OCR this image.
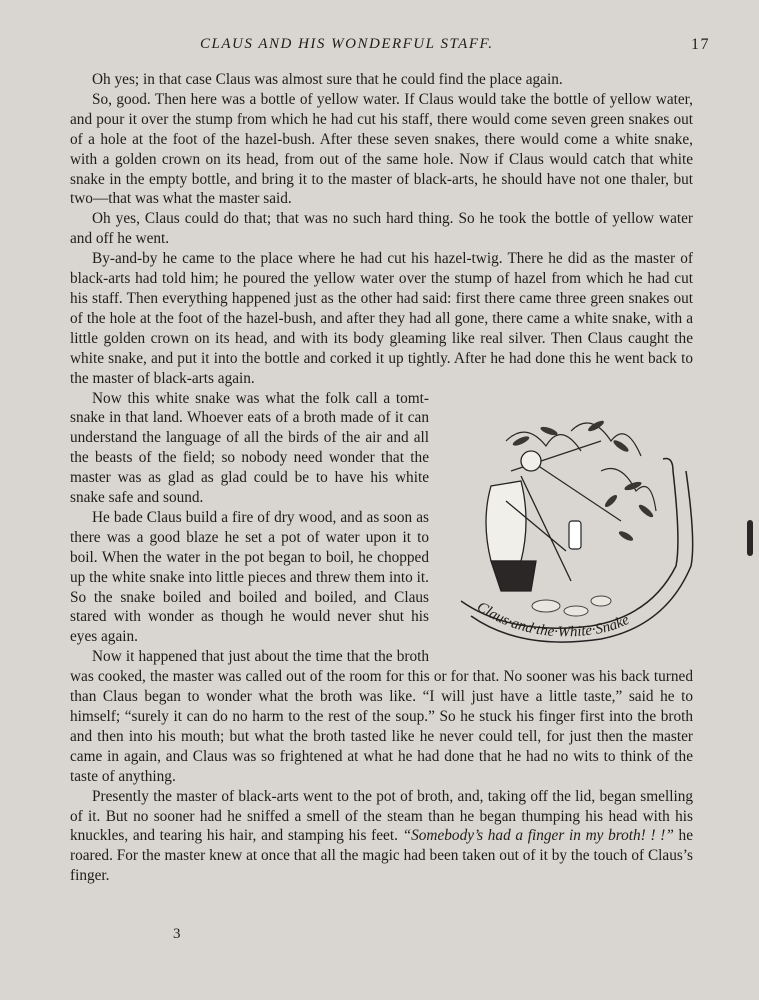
CLAUS AND HIS WONDERFUL STAFF.	17

Oh yes; in that case Claus was almost sure that he could find the place again.

So, good. Then here was a bottle of yellow water. If Claus would take the bottle of yellow water, and pour it over the stump from which he had cut his staff, there would come seven green snakes out of a hole at the foot of the hazel-bush. After these seven snakes, there would come a white snake, with a golden crown on its head, from out of the same hole. Now if Claus would catch that white snake in the empty bottle, and bring it to the master of black-arts, he should have not one thaler, but two—that was what the master said.

Oh yes, Claus could do that; that was no such hard thing. So he took the bottle of yellow water and off he went.

By-and-by he came to the place where he had cut his hazel-twig. There he did as the master of black-arts had told him; he poured the yellow water over the stump of hazel from which he had cut his staff. Then everything happened just as the other had said: first there came three green snakes out of the hole at the foot of the hazel-bush, and after they had all gone, there came a white snake, with a little golden crown on its head, and with its body gleaming like real silver. Then Claus caught the white snake, and put it into the bottle and corked it up tightly. After he had done this he went back to the master of black-arts again.

Claus·and·the·White·Snake

Now this white snake was what the folk call a tomt-snake in that land. Whoever eats of a broth made of it can understand the language of all the birds of the air and all the beasts of the field; so nobody need wonder that the master was as glad as glad could be to have his white snake safe and sound.

He bade Claus build a fire of dry wood, and as soon as there was a good blaze he set a pot of water upon it to boil. When the water in the pot began to boil, he chopped up the white snake into little pieces and threw them into it. So the snake boiled and boiled and boiled, and Claus stared with wonder as though he would never shut his eyes again.

Now it happened that just about the time that the broth was cooked, the master was called out of the room for this or for that. No sooner was his back turned than Claus began to wonder what the broth was like. “I will just have a little taste,” said he to himself; “surely it can do no harm to the rest of the soup.” So he stuck his finger first into the broth and then into his mouth; but what the broth tasted like he never could tell, for just then the master came in again, and Claus was so frightened at what he had done that he had no wits to think of the taste of anything.

Presently the master of black-arts went to the pot of broth, and, taking off the lid, began smelling of it. But no sooner had he sniffed a smell of the steam than he began thumping his head with his knuckles, and tearing his hair, and stamping his feet. “Somebody’s had a finger in my broth! ! !” he roared. For the master knew at once that all the magic had been taken out of it by the touch of Claus’s finger.

3
